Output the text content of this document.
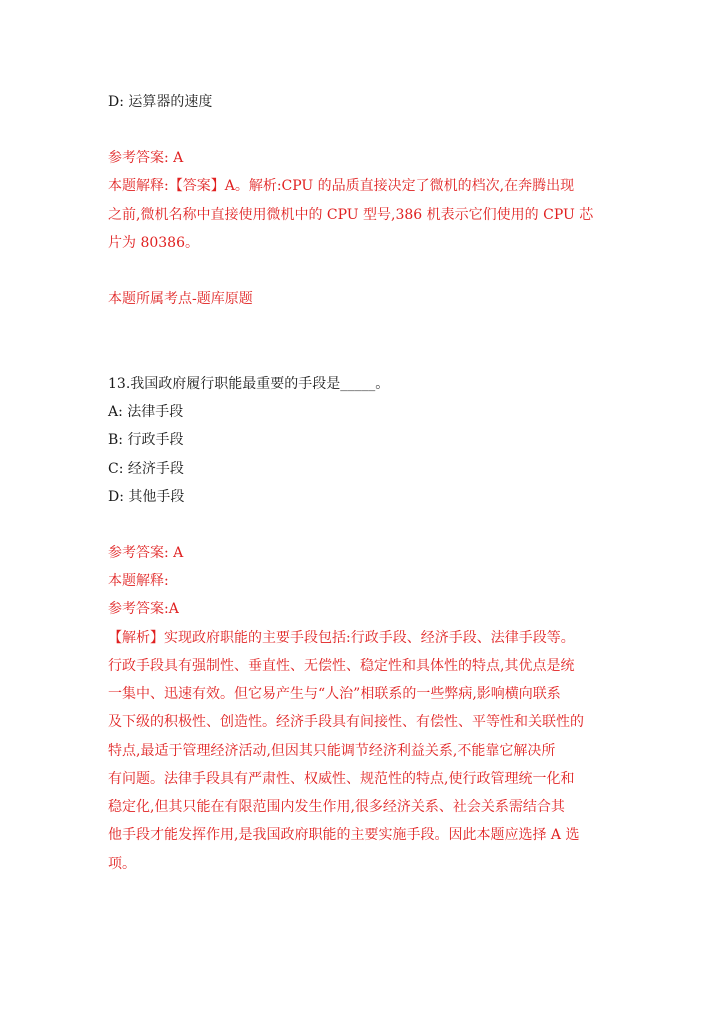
D: 运算器的速度
参考答案: A
本题解释:【答案】A。解析:CPU 的品质直接决定了微机的档次,在奔腾出现
之前,微机名称中直接使用微机中的 CPU 型号,386 机表示它们使用的 CPU 芯
片为 80386。
本题所属考点-题库原题
13.我国政府履行职能最重要的手段是_____。
A: 法律手段
B: 行政手段
C: 经济手段
D: 其他手段
参考答案: A
本题解释:
参考答案:A
【解析】实现政府职能的主要手段包括:行政手段、经济手段、法律手段等。
行政手段具有强制性、垂直性、无偿性、稳定性和具体性的特点,其优点是统
一集中、迅速有效。但它易产生与“人治”相联系的一些弊病,影响横向联系
及下级的积极性、创造性。经济手段具有间接性、有偿性、平等性和关联性的
特点,最适于管理经济活动,但因其只能调节经济利益关系,不能靠它解决所
有问题。法律手段具有严肃性、权威性、规范性的特点,使行政管理统一化和
稳定化,但其只能在有限范围内发生作用,很多经济关系、社会关系需结合其
他手段才能发挥作用,是我国政府职能的主要实施手段。因此本题应选择 A 选
项。
